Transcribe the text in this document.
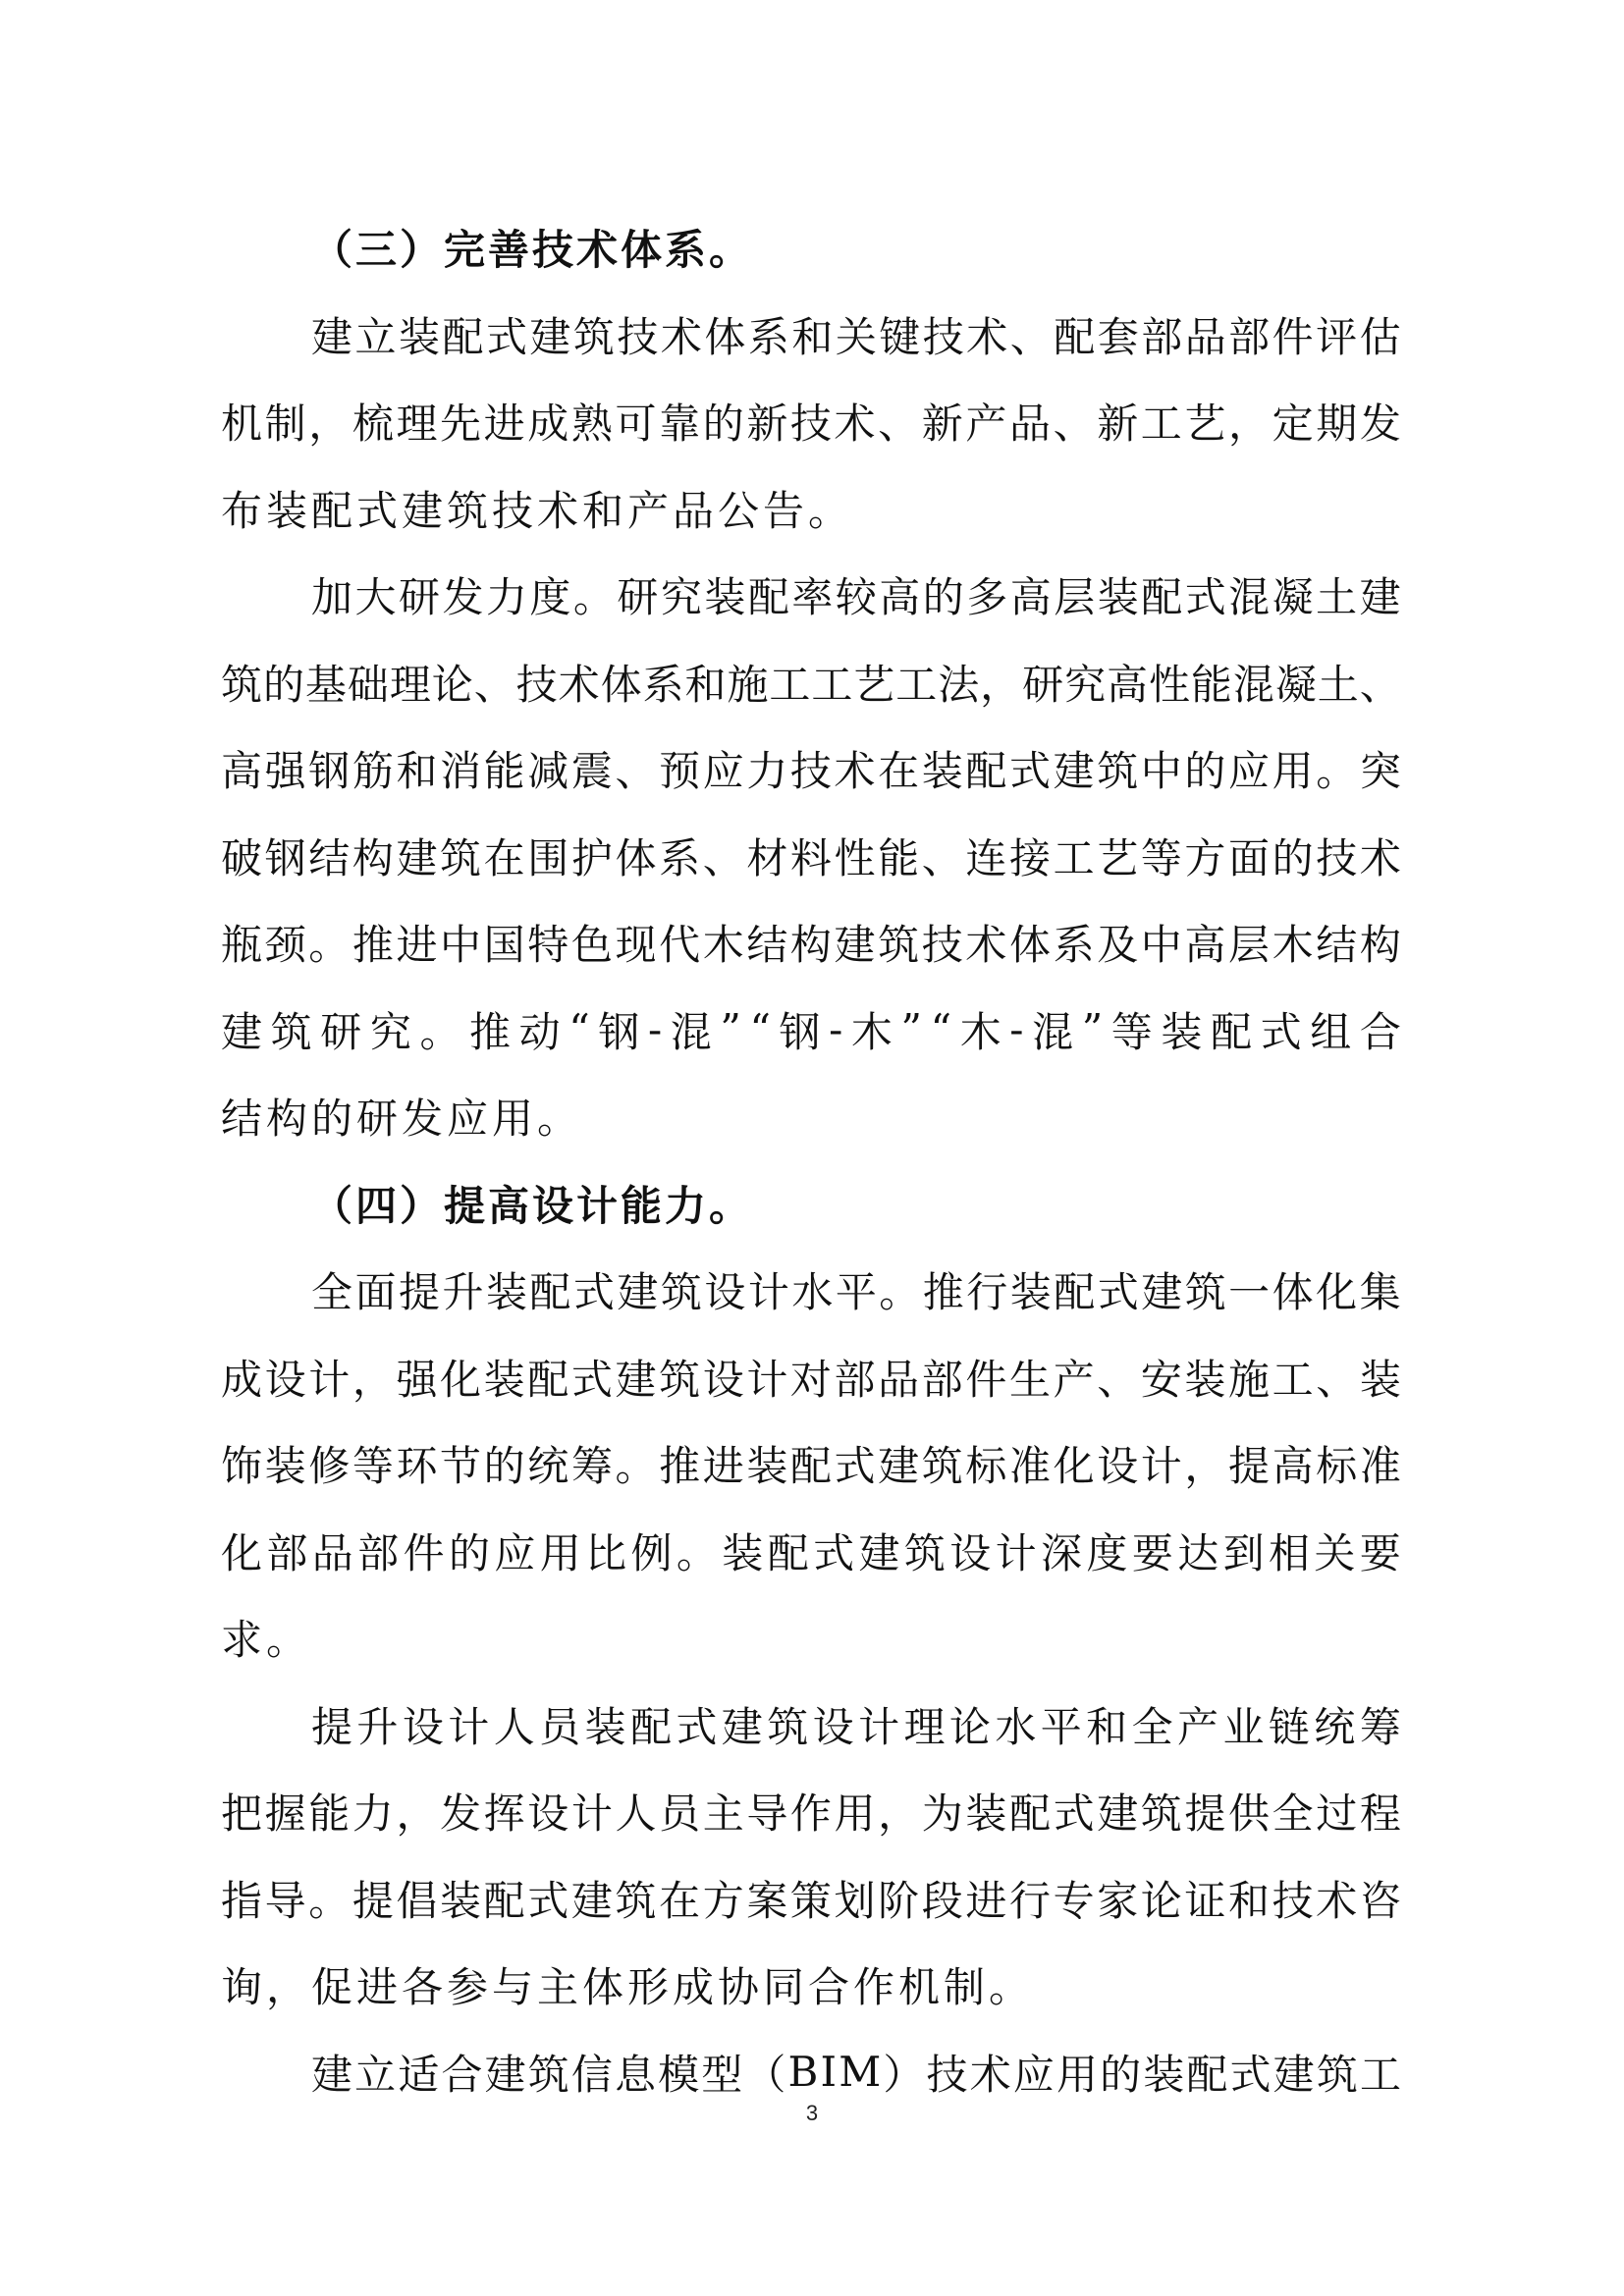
（三）完善技术体系。
建 立 装 配 式 建 筑 技 术 体 系 和 关 键 技 术 、 配 套 部 品 部 件 评 估
机 制 ， 梳 理 先 进 成 熟 可 靠 的 新 技 术 、 新 产 品 、 新 工 艺 ， 定 期 发
布装配式建筑技术和产品公告。
加 大 研 发 力 度 。 研 究 装 配 率 较 高 的 多 高 层 装 配 式 混 凝 土 建
筑 的 基 础 理 论 、 技 术 体 系 和 施 工 工 艺 工 法 ， 研 究 高 性 能 混 凝 土 、
高 强 钢 筋 和 消 能 减 震 、 预 应 力 技 术 在 装 配 式 建 筑 中 的 应 用 。 突
破 钢 结 构 建 筑 在 围 护 体 系 、 材 料 性 能 、 连 接 工 艺 等 方 面 的 技 术
瓶 颈 。 推 进 中 国 特 色 现 代 木 结 构 建 筑 技 术 体 系 及 中 高 层 木 结 构
建 筑 研 究 。 推 动 “ 钢 - 混 ” “ 钢 - 木 ” “ 木 - 混 ” 等 装 配 式 组 合
结构的研发应用。
（四）提高设计能力。
全 面 提 升 装 配 式 建 筑 设 计 水 平 。 推 行 装 配 式 建 筑 一 体 化 集
成 设 计 ， 强 化 装 配 式 建 筑 设 计 对 部 品 部 件 生 产 、 安 装 施 工 、 装
饰 装 修 等 环 节 的 统 筹 。 推 进 装 配 式 建 筑 标 准 化 设 计 ， 提 高 标 准
化 部 品 部 件 的 应 用 比 例 。 装 配 式 建 筑 设 计 深 度 要 达 到 相 关 要
求。
提 升 设 计 人 员 装 配 式 建 筑 设 计 理 论 水 平 和 全 产 业 链 统 筹
把 握 能 力 ， 发 挥 设 计 人 员 主 导 作 用 ， 为 装 配 式 建 筑 提 供 全 过 程
指 导 。 提 倡 装 配 式 建 筑 在 方 案 策 划 阶 段 进 行 专 家 论 证 和 技 术 咨
询，促进各参与主体形成协同合作机制。
建 立 适 合 建 筑 信 息 模 型 （ B I M ） 技 术 应 用 的 装 配 式 建 筑 工
3
